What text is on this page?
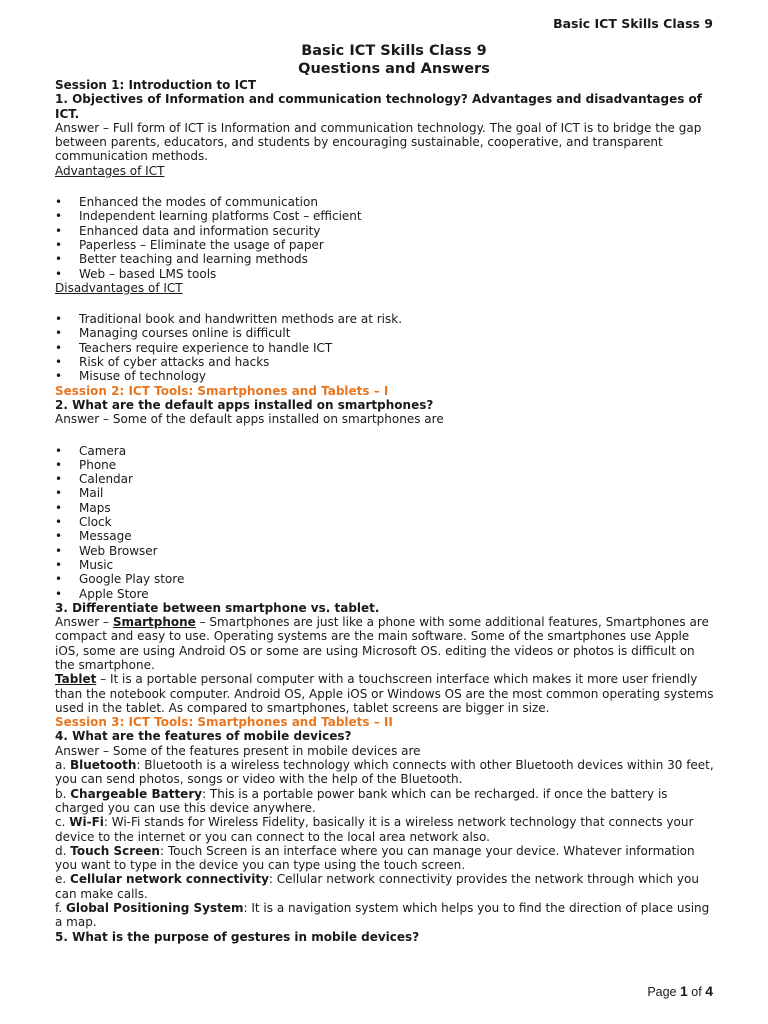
Basic ICT Skills Class 9
Basic ICT Skills Class 9
Questions and Answers

Session 1: Introduction to ICT

1. Objectives of Information and communication technology? Advantages and disadvantages of ICT.

Answer – Full form of ICT is Information and communication technology. The goal of ICT is to bridge the gap between parents, educators, and students by encouraging sustainable, cooperative, and transparent communication methods.

Advantages of ICT

• Enhanced the modes of communication
• Independent learning platforms Cost – efficient
• Enhanced data and information security
• Paperless – Eliminate the usage of paper
• Better teaching and learning methods
• Web – based LMS tools

Disadvantages of ICT

• Traditional book and handwritten methods are at risk.
• Managing courses online is difficult
• Teachers require experience to handle ICT
• Risk of cyber attacks and hacks
• Misuse of technology

Session 2: ICT Tools: Smartphones and Tablets – I

2. What are the default apps installed on smartphones?

Answer – Some of the default apps installed on smartphones are

• Camera
• Phone
• Calendar
• Mail
• Maps
• Clock
• Message
• Web Browser
• Music
• Google Play store
• Apple Store

3. Differentiate between smartphone vs. tablet.

Answer – Smartphone – Smartphones are just like a phone with some additional features, Smartphones are compact and easy to use. Operating systems are the main software. Some of the smartphones use Apple iOS, some are using Android OS or some are using Microsoft OS. editing the videos or photos is difficult on the smartphone.

Tablet – It is a portable personal computer with a touchscreen interface which makes it more user friendly than the notebook computer. Android OS, Apple iOS or Windows OS are the most common operating systems used in the tablet. As compared to smartphones, tablet screens are bigger in size.

Session 3: ICT Tools: Smartphones and Tablets – II

4. What are the features of mobile devices?

Answer – Some of the features present in mobile devices are

a. Bluetooth: Bluetooth is a wireless technology which connects with other Bluetooth devices within 30 feet, you can send photos, songs or video with the help of the Bluetooth.

b. Chargeable Battery: This is a portable power bank which can be recharged. if once the battery is charged you can use this device anywhere.

c. Wi-Fi: Wi-Fi stands for Wireless Fidelity, basically it is a wireless network technology that connects your device to the internet or you can connect to the local area network also.

d. Touch Screen: Touch Screen is an interface where you can manage your device. Whatever information you want to type in the device you can type using the touch screen.

e. Cellular network connectivity: Cellular network connectivity provides the network through which you can make calls.

f. Global Positioning System: It is a navigation system which helps you to find the direction of place using a map.

5. What is the purpose of gestures in mobile devices?

Page 1 of 4
